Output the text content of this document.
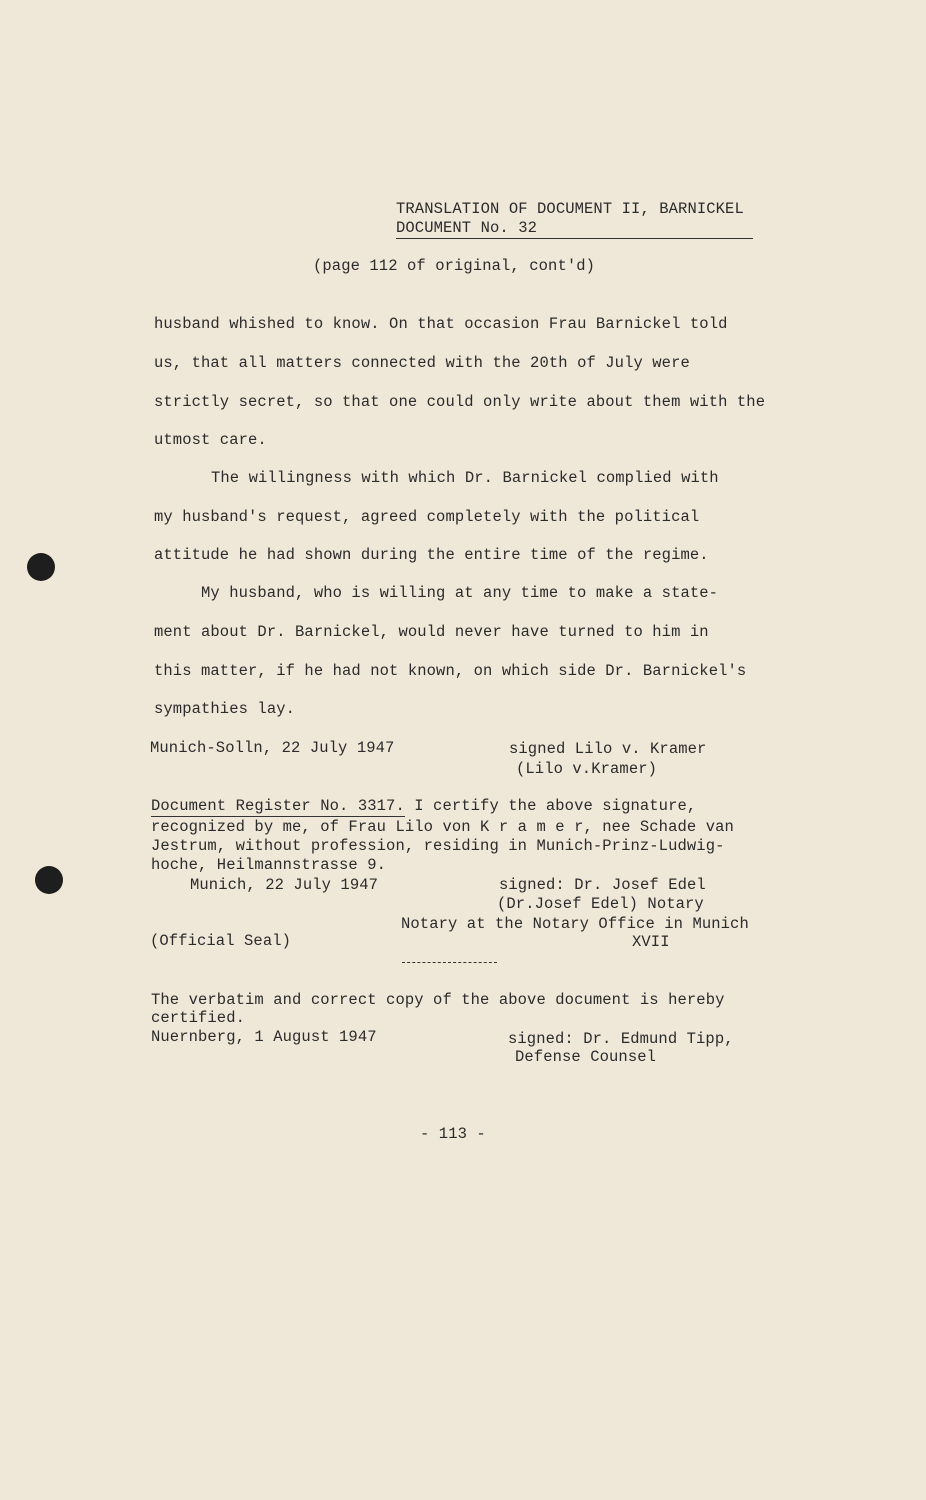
TRANSLATION OF DOCUMENT II, BARNICKEL
DOCUMENT No. 32
(page 112 of original, cont'd)
husband whished to know. On that occasion Frau Barnickel told
us, that all matters connected with the 20th of July were
strictly secret, so that one could only write about them with the
utmost care.
The willingness with which Dr. Barnickel complied with
my husband's request, agreed completely with the political
attitude he had shown during the entire time of the regime.
My husband, who is willing at any time to make a state-
ment about Dr. Barnickel, would never have turned to him in
this matter, if he had not known, on which side Dr. Barnickel's
sympathies lay.
Munich-Solln, 22 July 1947	signed Lilo v. Kramer
(Lilo v.Kramer)
Document Register No. 3317. I certify the above signature,
recognized by me, of Frau Lilo von K r a m e r, nee Schade van
Jestrum, without profession, residing in Munich-Prinz-Ludwig-
hoche, Heilmannstrasse 9.
Munich, 22 July 1947	signed: Dr. Josef Edel
(Dr.Josef Edel) Notary
Notary at the Notary Office in Munich
(Official Seal)	XVII
The verbatim and correct copy of the above document is hereby
certified.
Nuernberg, 1 August 1947	signed: Dr. Edmund Tipp,
Defense Counsel
- 113 -
